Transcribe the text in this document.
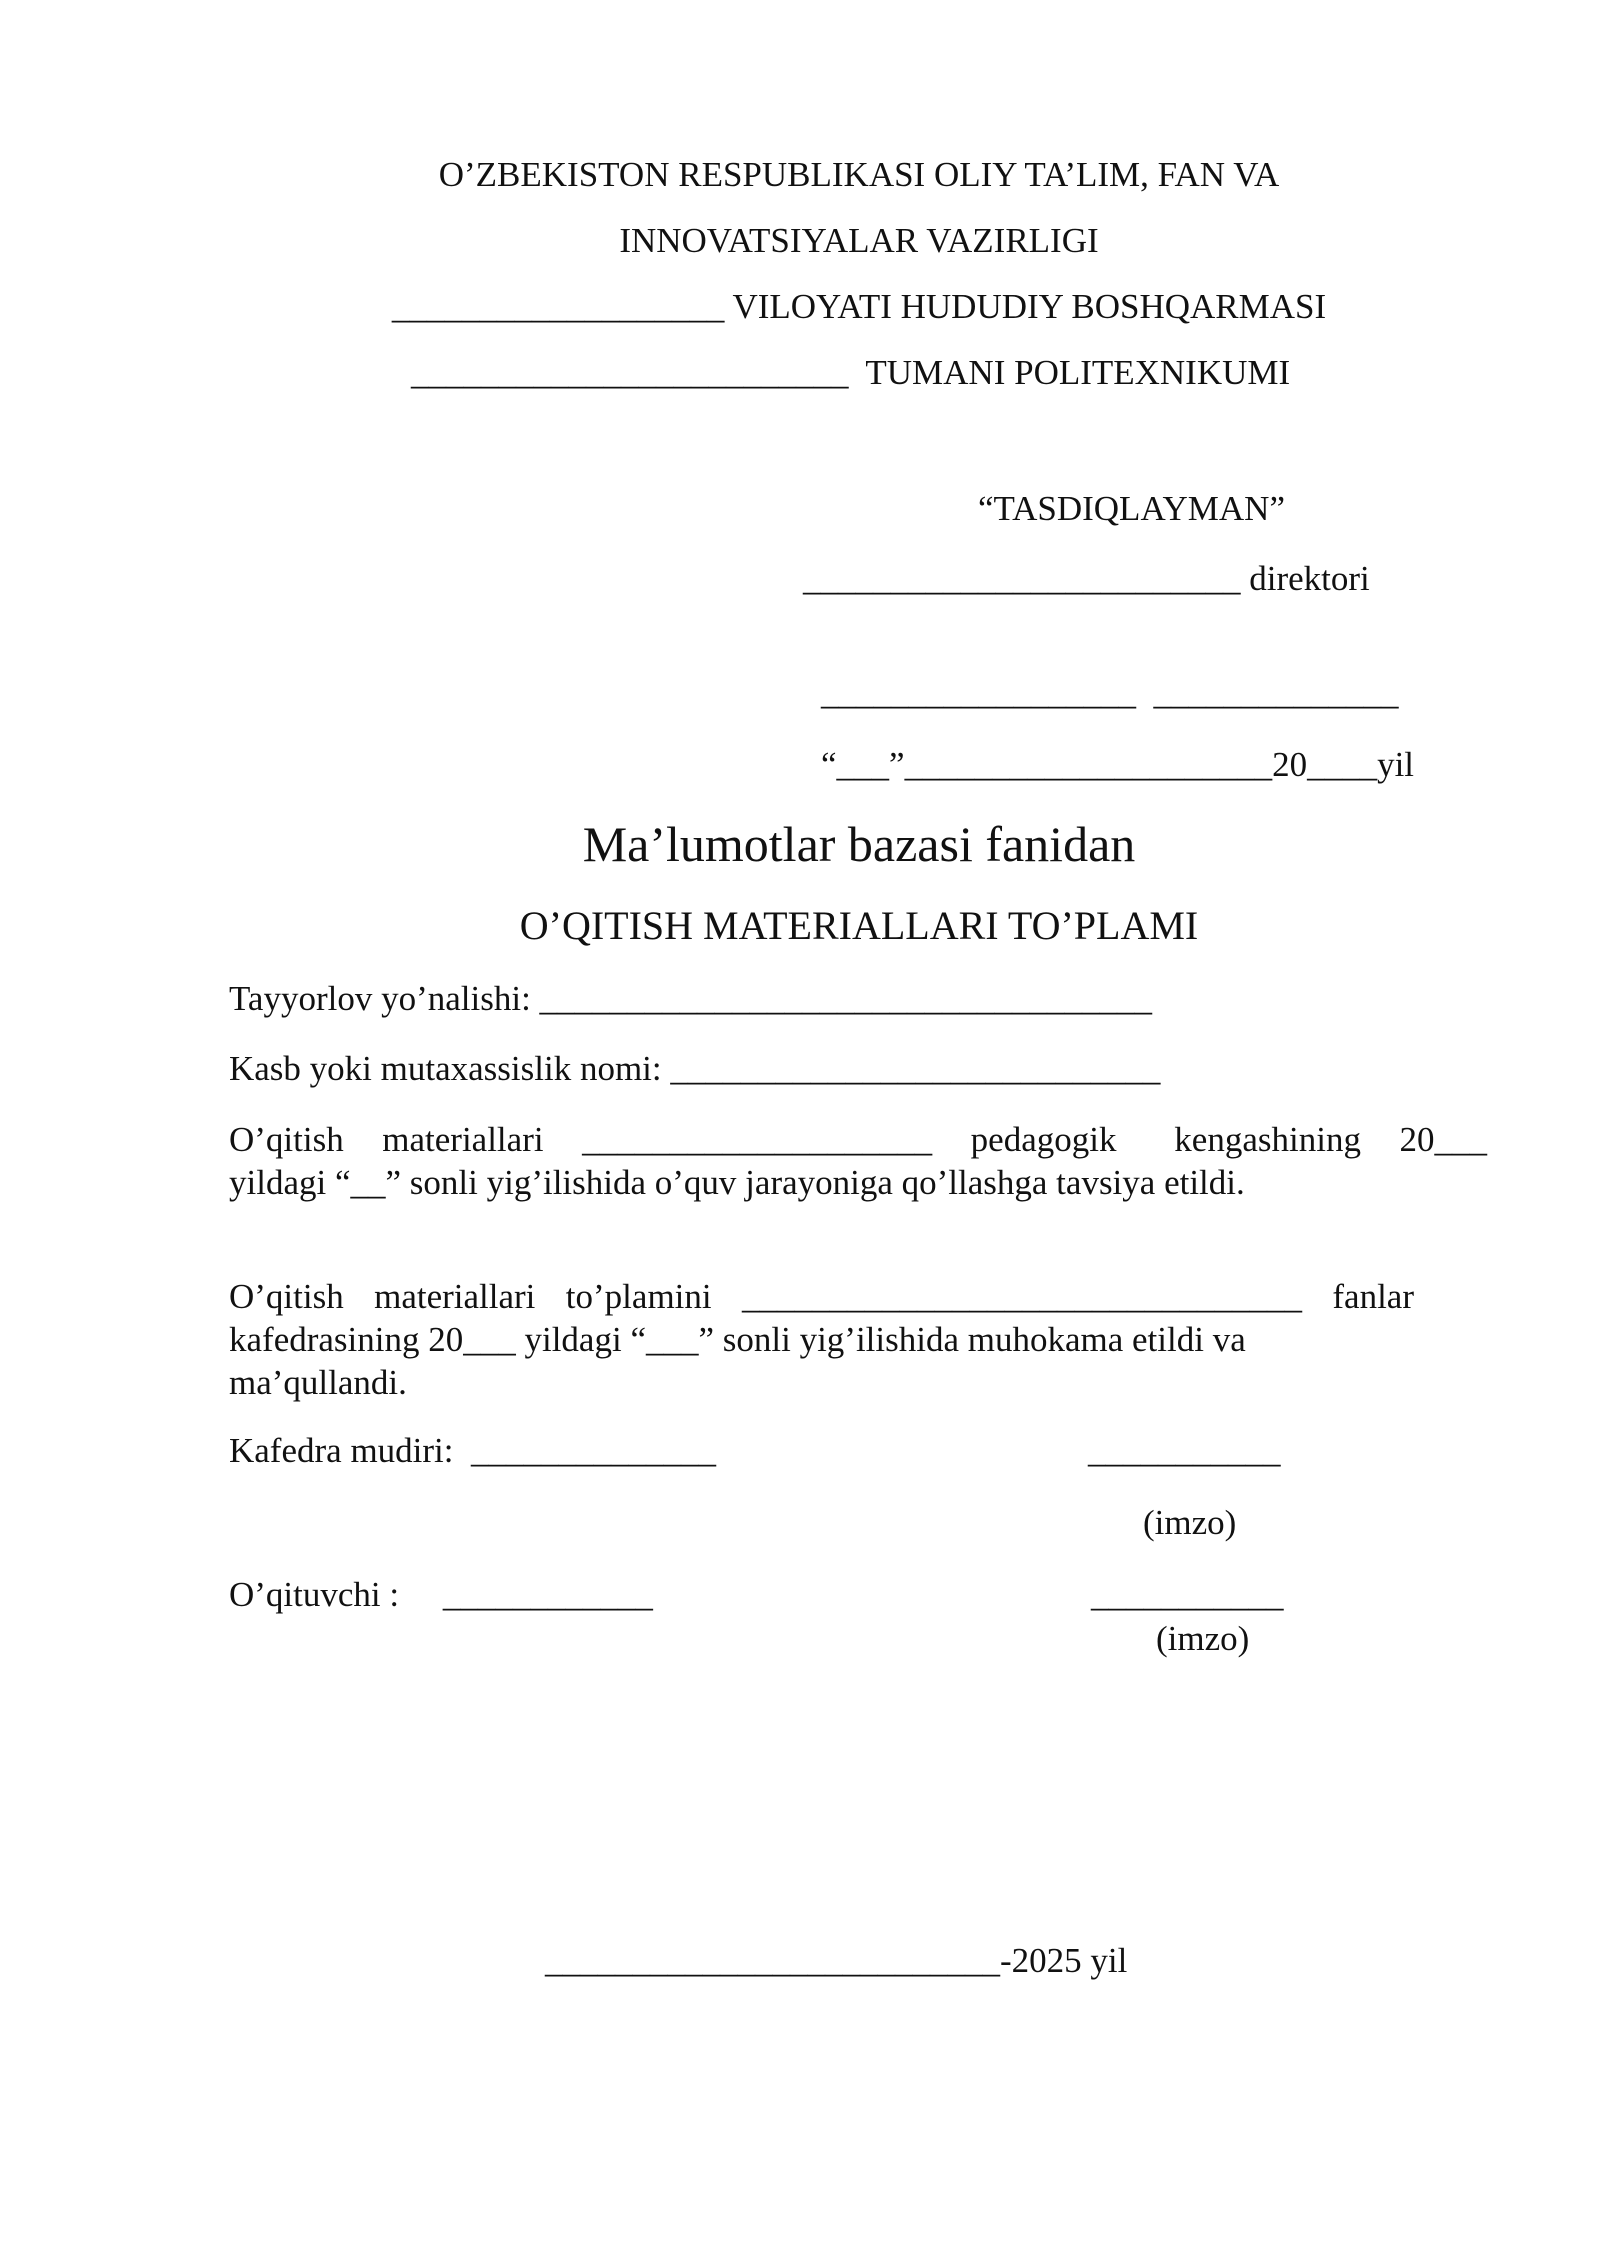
O’ZBEKISTON RESPUBLIKASI OLIY TA’LIM, FAN VA
INNOVATSIYALAR VAZIRLIGI
___________________ VILOYATI HUDUDIY BOSHQARMASI
_________________________  TUMANI POLITEXNIKUMI
“TASDIQLAYMAN”
_________________________ direktori
__________________  ______________
“___”_____________________20____yil
Ma’lumotlar bazasi fanidan
O’QITISH MATERIALLARI TO’PLAMI
Tayyorlov yo’nalishi: ___________________________________
Kasb yoki mutaxassislik nomi: ____________________________
O’qitish  materiallari  ____________________  pedagogik   kengashining  20___
yildagi “__” sonli yig’ilishida o’quv jarayoniga qo’llashga tavsiya etildi.
O’qitish materiallari to’plamini ________________________________ fanlar
kafedrasining 20___ yildagi “___” sonli yig’ilishida muhokama etildi va
ma’qullandi.
Kafedra mudiri:  ______________	___________
(imzo)
O’qituvchi :     ____________	___________
(imzo)
__________________________-2025 yil
